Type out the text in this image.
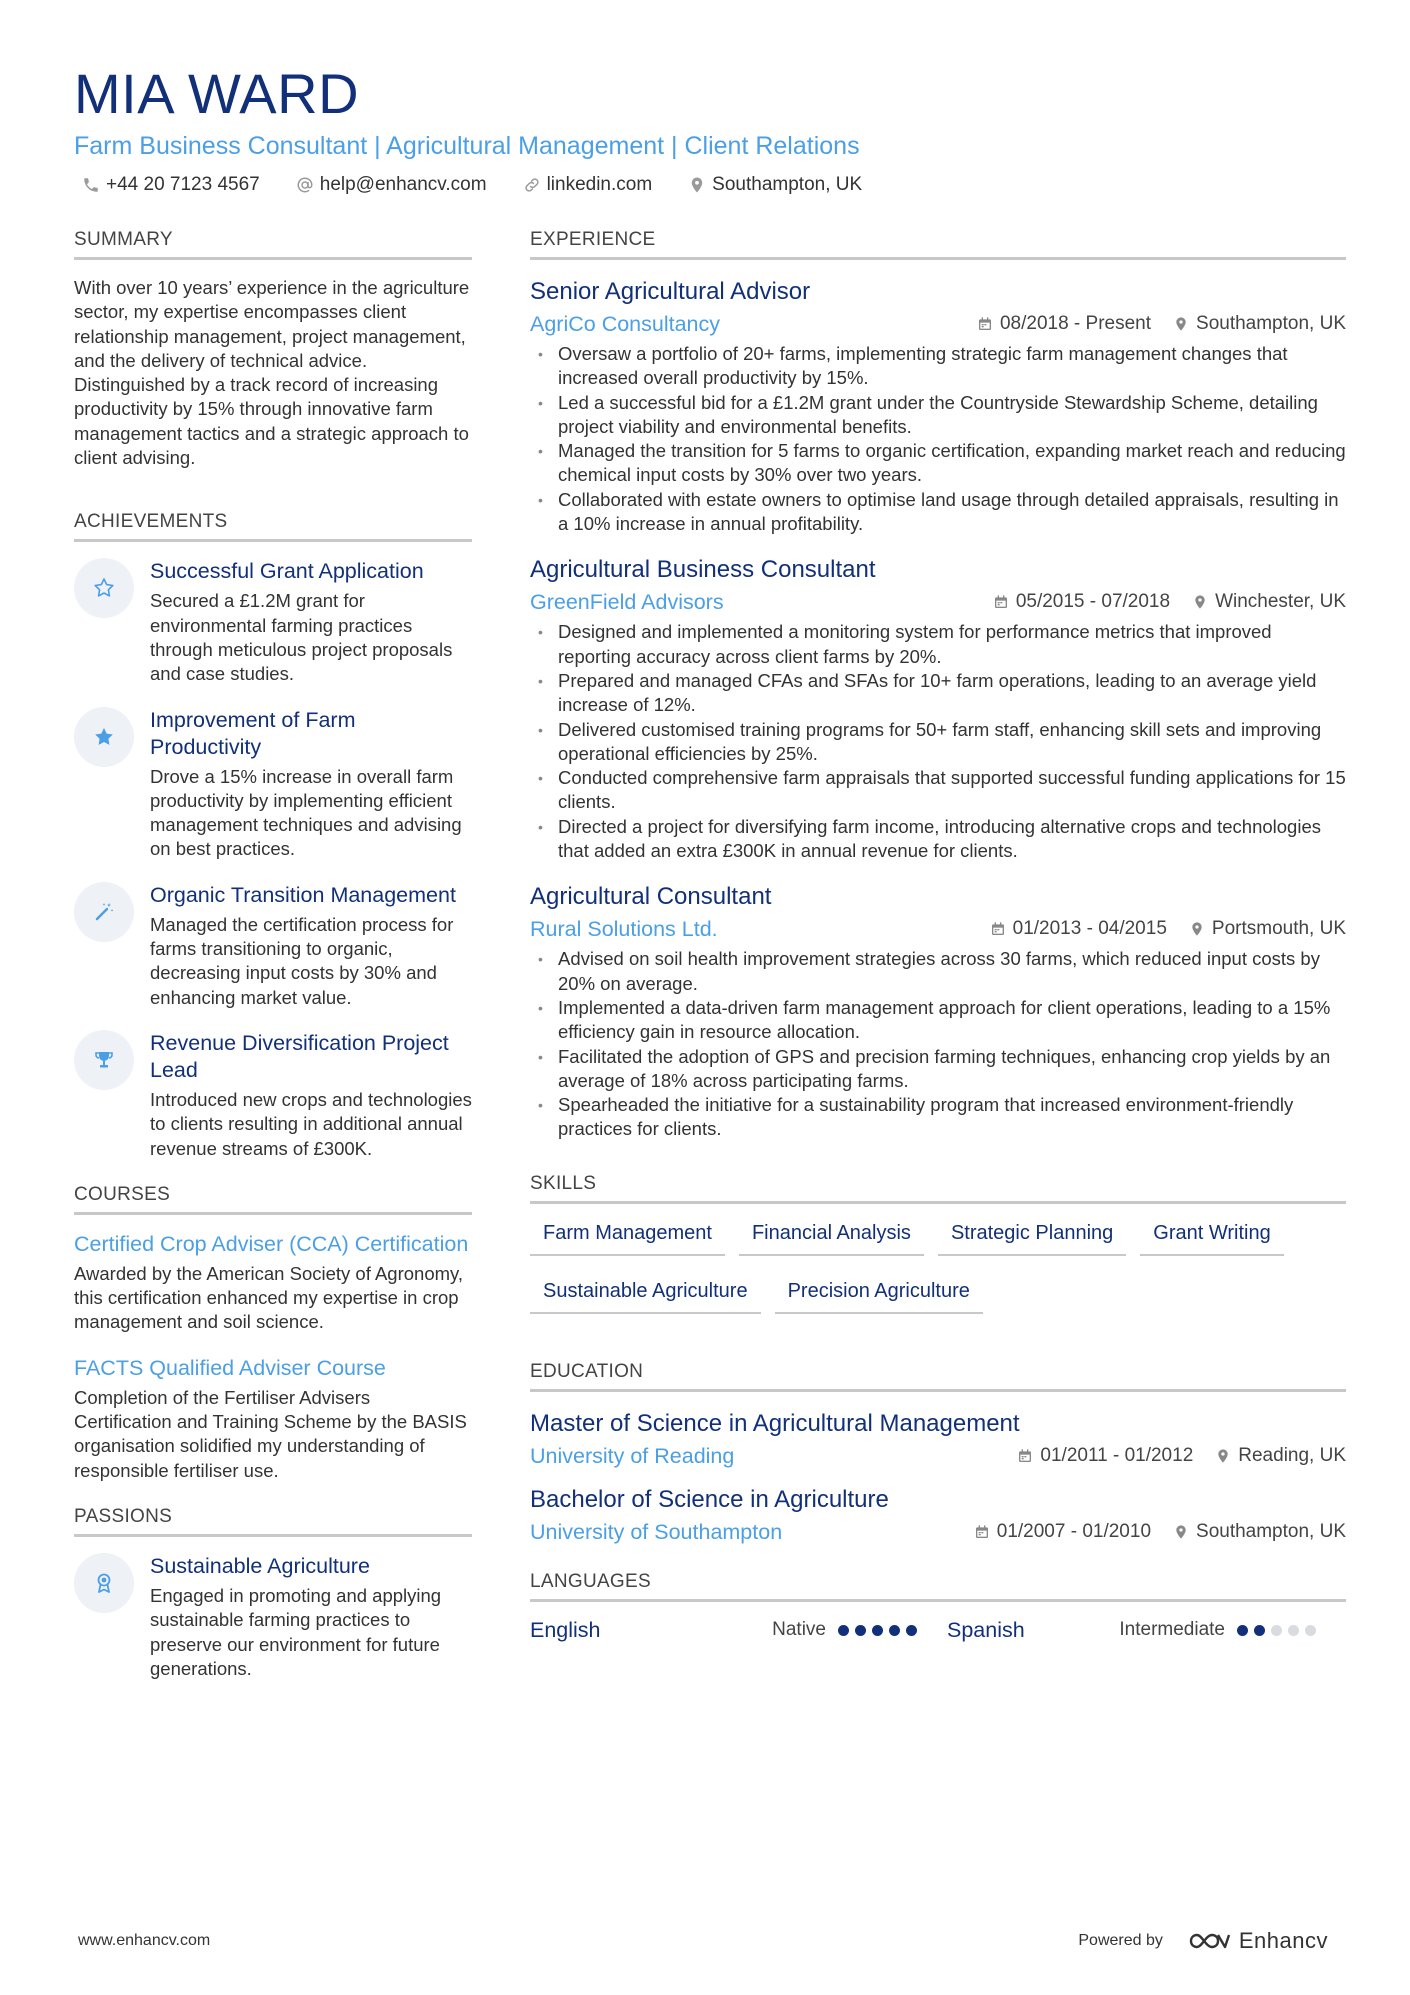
MIA WARD
Farm Business Consultant | Agricultural Management | Client Relations
+44 20 7123 4567	help@enhancv.com	linkedin.com	Southampton, UK
SUMMARY
With over 10 years’ experience in the agriculture sector, my expertise encompasses client relationship management, project management, and the delivery of technical advice. Distinguished by a track record of increasing productivity by 15% through innovative farm management tactics and a strategic approach to client advising.
ACHIEVEMENTS
Successful Grant Application
Secured a £1.2M grant for environmental farming practices through meticulous project proposals and case studies.
Improvement of Farm Productivity
Drove a 15% increase in overall farm productivity by implementing efficient management techniques and advising on best practices.
Organic Transition Management
Managed the certification process for farms transitioning to organic, decreasing input costs by 30% and enhancing market value.
Revenue Diversification Project Lead
Introduced new crops and technologies to clients resulting in additional annual revenue streams of £300K.
COURSES
Certified Crop Adviser (CCA) Certification
Awarded by the American Society of Agronomy, this certification enhanced my expertise in crop management and soil science.
FACTS Qualified Adviser Course
Completion of the Fertiliser Advisers Certification and Training Scheme by the BASIS organisation solidified my understanding of responsible fertiliser use.
PASSIONS
Sustainable Agriculture
Engaged in promoting and applying sustainable farming practices to preserve our environment for future generations.
EXPERIENCE
Senior Agricultural Advisor
AgriCo Consultancy	08/2018 - Present Southampton, UK
• Oversaw a portfolio of 20+ farms, implementing strategic farm management changes that increased overall productivity by 15%.
• Led a successful bid for a £1.2M grant under the Countryside Stewardship Scheme, detailing project viability and environmental benefits.
• Managed the transition for 5 farms to organic certification, expanding market reach and reducing chemical input costs by 30% over two years.
• Collaborated with estate owners to optimise land usage through detailed appraisals, resulting in a 10% increase in annual profitability.
Agricultural Business Consultant
GreenField Advisors	05/2015 - 07/2018 Winchester, UK
• Designed and implemented a monitoring system for performance metrics that improved reporting accuracy across client farms by 20%.
• Prepared and managed CFAs and SFAs for 10+ farm operations, leading to an average yield increase of 12%.
• Delivered customised training programs for 50+ farm staff, enhancing skill sets and improving operational efficiencies by 25%.
• Conducted comprehensive farm appraisals that supported successful funding applications for 15 clients.
• Directed a project for diversifying farm income, introducing alternative crops and technologies that added an extra £300K in annual revenue for clients.
Agricultural Consultant
Rural Solutions Ltd.	01/2013 - 04/2015 Portsmouth, UK
• Advised on soil health improvement strategies across 30 farms, which reduced input costs by 20% on average.
• Implemented a data-driven farm management approach for client operations, leading to a 15% efficiency gain in resource allocation.
• Facilitated the adoption of GPS and precision farming techniques, enhancing crop yields by an average of 18% across participating farms.
• Spearheaded the initiative for a sustainability program that increased environment-friendly practices for clients.
SKILLS
Farm Management	Financial Analysis	Strategic Planning	Grant Writing
Sustainable Agriculture	Precision Agriculture
EDUCATION
Master of Science in Agricultural Management
University of Reading	01/2011 - 01/2012 Reading, UK
Bachelor of Science in Agriculture
University of Southampton	01/2007 - 01/2010 Southampton, UK
LANGUAGES
English	Native	Spanish	Intermediate
www.enhancv.com	Powered by	Enhancv
